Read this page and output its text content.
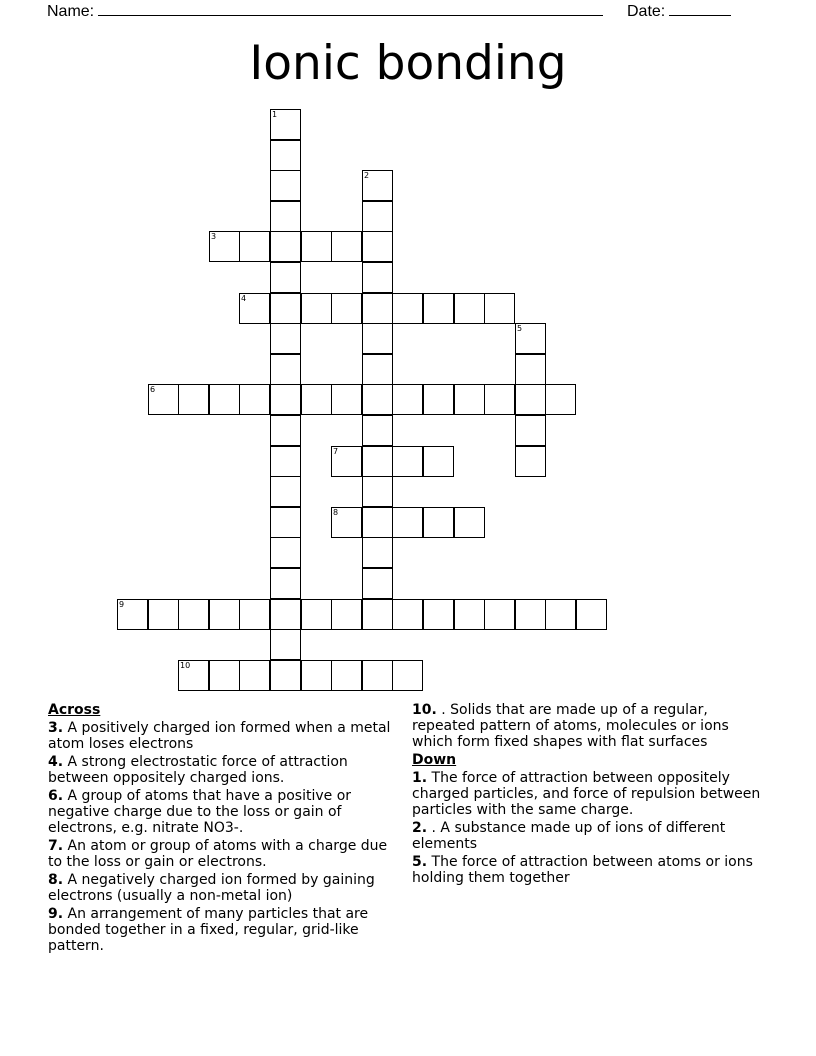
Name:	Date:
Ionic bonding
1
2
3
4
5
6
7
8
9
10
Across
3. A positively charged ion formed when a metal atom loses electrons
4. A strong electrostatic force of attraction between oppositely charged ions.
6. A group of atoms that have a positive or negative charge due to the loss or gain of electrons, e.g. nitrate NO3-.
7. An atom or group of atoms with a charge due to the loss or gain or electrons.
8. A negatively charged ion formed by gaining electrons (usually a non-metal ion)
9. An arrangement of many particles that are bonded together in a fixed, regular, grid-like pattern.
10. . Solids that are made up of a regular, repeated pattern of atoms, molecules or ions which form fixed shapes with flat surfaces
Down
1. The force of attraction between oppositely charged particles, and force of repulsion between particles with the same charge.
2. . A substance made up of ions of different elements
5. The force of attraction between atoms or ions holding them together
